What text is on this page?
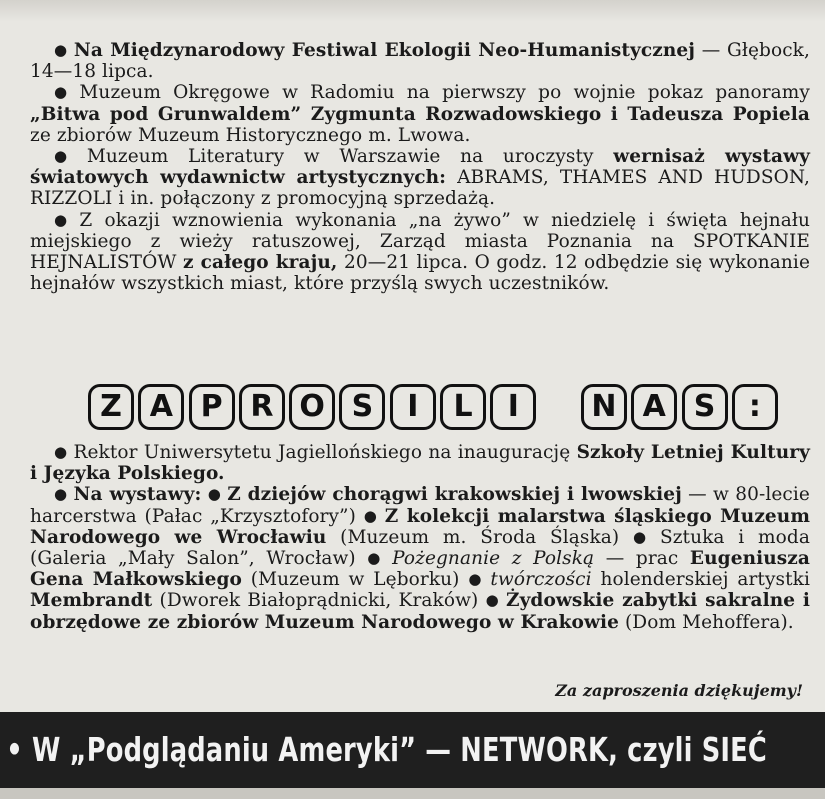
● Na Międzynarodowy Festiwal Ekologii Neo-Humanistycznej — Głębock, 14—18 lipca.

● Muzeum Okręgowe w Radomiu na pierwszy po wojnie pokaz panoramy „Bitwa pod Grunwaldem” Zygmunta Rozwadowskiego i Tadeusza Popiela ze zbiorów Muzeum Historycznego m. Lwowa.

● Muzeum Literatury w Warszawie na uroczysty wernisaż wystawy światowych wydawnictw artystycznych: ABRAMS, THAMES AND HUDSON, RIZZOLI i in. połączony z promocyjną sprzedażą.

● Z okazji wznowienia wykonania „na żywo” w niedzielę i święta hejnału miejskiego z wieży ratuszowej, Zarząd miasta Poznania na SPOTKANIE HEJNALISTÓW z całego kraju, 20—21 lipca. O godz. 12 odbędzie się wykonanie hejnałów wszystkich miast, które przyślą swych uczestników.

Z A P R O S	I	L	I	N A S	:

● Rektor Uniwersytetu Jagiellońskiego na inaugurację Szkoły Letniej Kultury i Języka Polskiego.

● Na wystawy: ● Z dziejów chorągwi krakowskiej i lwowskiej — w 80-lecie harcerstwa (Pałac „Krzysztofory”) ● Z kolekcji malarstwa śląskiego Muzeum Narodowego we Wrocławiu (Muzeum m. Środa Śląska) ● Sztuka i moda (Galeria „Mały Salon”, Wrocław) ● Pożegnanie z Polską — prac Eugeniusza Gena Małkowskiego (Muzeum w Lęborku) ● twórczości holenderskiej artystki Membrandt (Dworek Białoprądnicki, Kraków) ● Żydowskie zabytki sakralne i obrzędowe ze zbiorów Muzeum Narodowego w Krakowie (Dom Mehoffera).

Za zaproszenia dziękujemy!
• W „Podglądaniu Ameryki” — NETWORK, czyli SIEĆ
